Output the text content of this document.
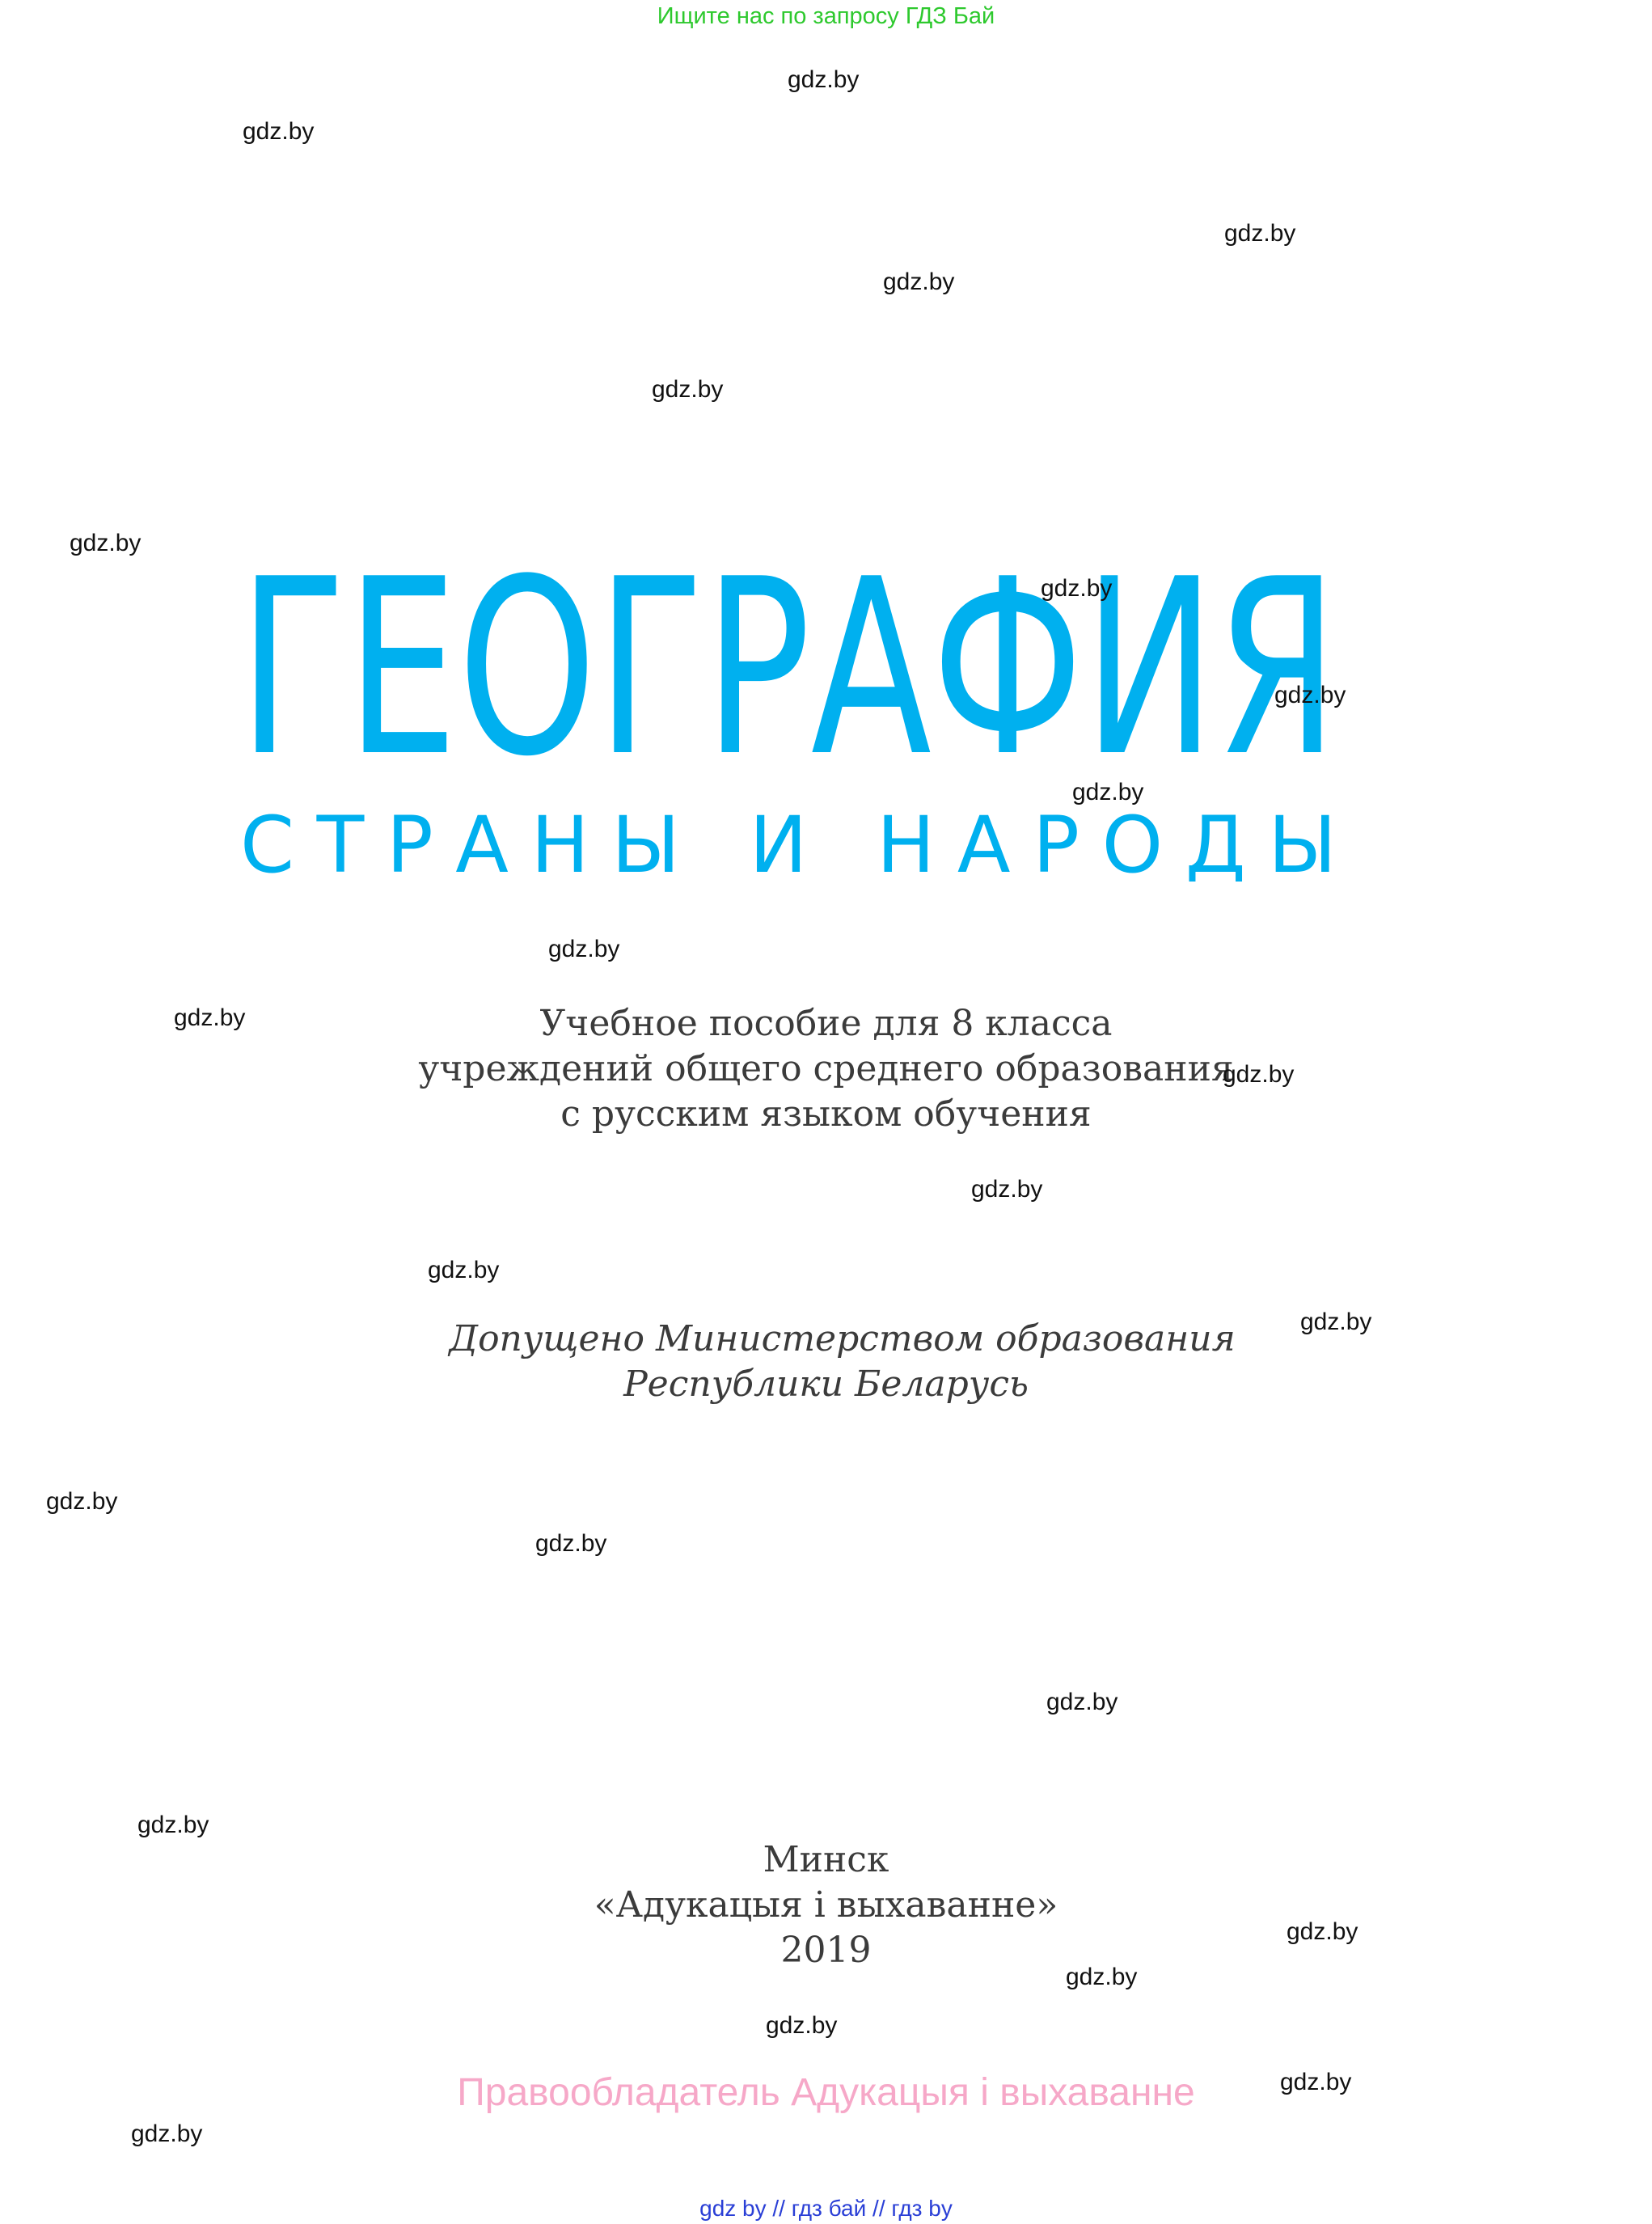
Ищите нас по запросу ГДЗ Бай
ГЕОГРАФИЯ
СТРАНЫ И НАРОДЫ
Учебное пособие для 8 класса
учреждений общего среднего образования
с русским языком обучения
Допущено Министерством образования
Республики Беларусь
Минск
«Адукацыя і выхаванне»
2019
Правообладатель Адукацыя і выхаванне
gdz by // гдз бай // гдз by
gdz.by
gdz.by
gdz.by
gdz.by
gdz.by
gdz.by
gdz.by
gdz.by
gdz.by
gdz.by
gdz.by
gdz.by
gdz.by
gdz.by
gdz.by
gdz.by
gdz.by
gdz.by
gdz.by
gdz.by
gdz.by
gdz.by
gdz.by
gdz.by
